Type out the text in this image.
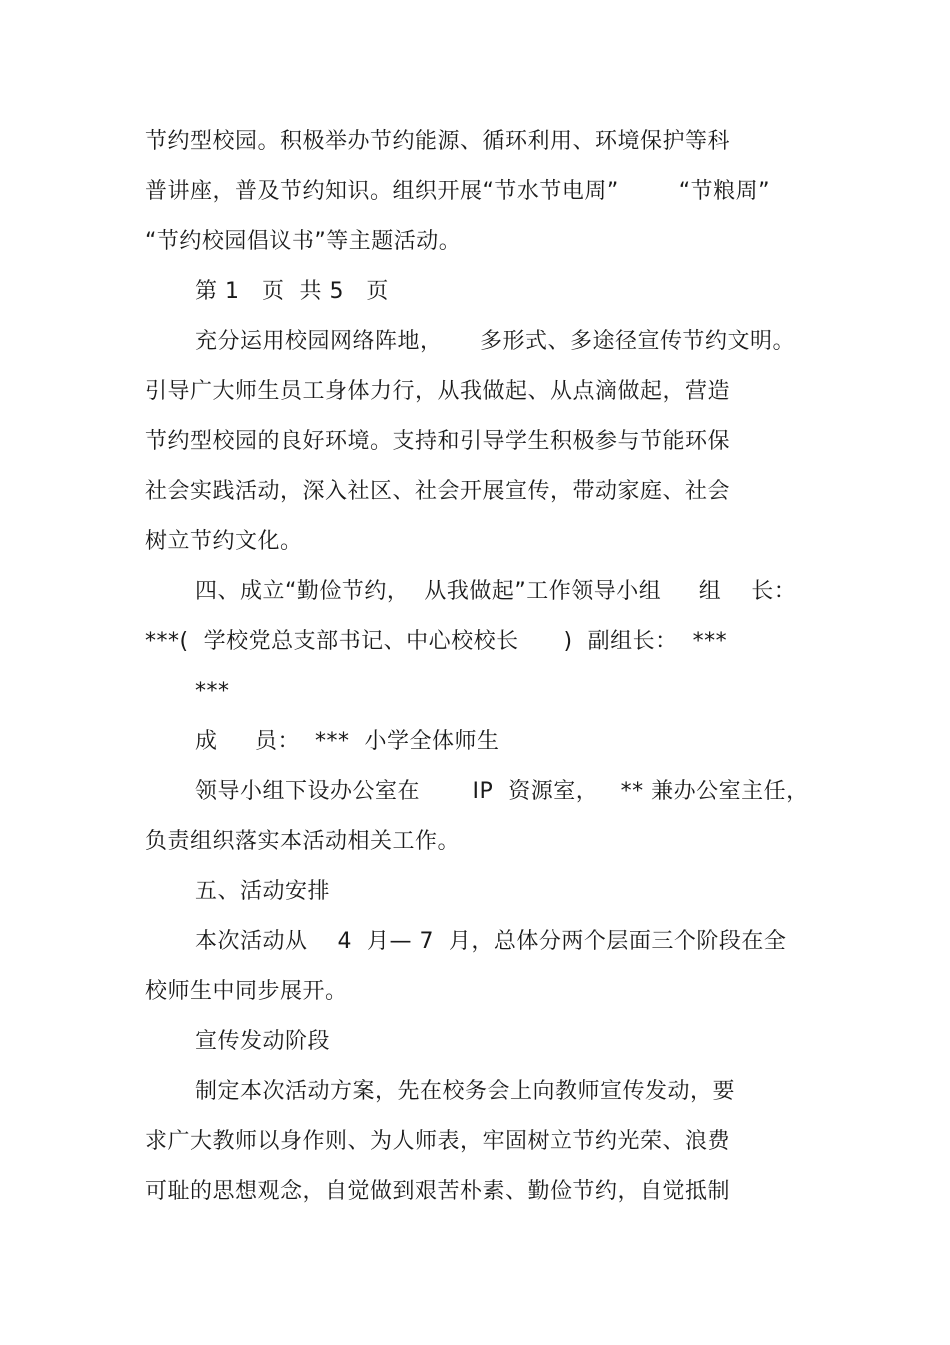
节约型校园。积极举办节约能源、循环利用、环境保护等科
普讲座，普及节约知识。组织开展“节水节电周”        “节粮周”
“节约校园倡议书”等主题活动。
第 1   页  共 5   页
充分运用校园网络阵地，     多形式、多途径宣传节约文明。
引导广大师生员工身体力行，从我做起、从点滴做起，营造
节约型校园的良好环境。支持和引导学生积极参与节能环保
社会实践活动，深入社区、社会开展宣传，带动家庭、社会
树立节约文化。
四、成立“勤俭节约，  从我做起”工作领导小组     组    长：
***(  学校党总支部书记、中心校校长      )  副组长：  ***
***
成     员：  ***  小学全体师生
领导小组下设办公室在       IP  资源室，   ** 兼办公室主任，
负责组织落实本活动相关工作。
五、活动安排
本次活动从    4  月— 7  月，总体分两个层面三个阶段在全
校师生中同步展开。
宣传发动阶段
制定本次活动方案，先在校务会上向教师宣传发动，要
求广大教师以身作则、为人师表，牢固树立节约光荣、浪费
可耻的思想观念，自觉做到艰苦朴素、勤俭节约，自觉抵制
